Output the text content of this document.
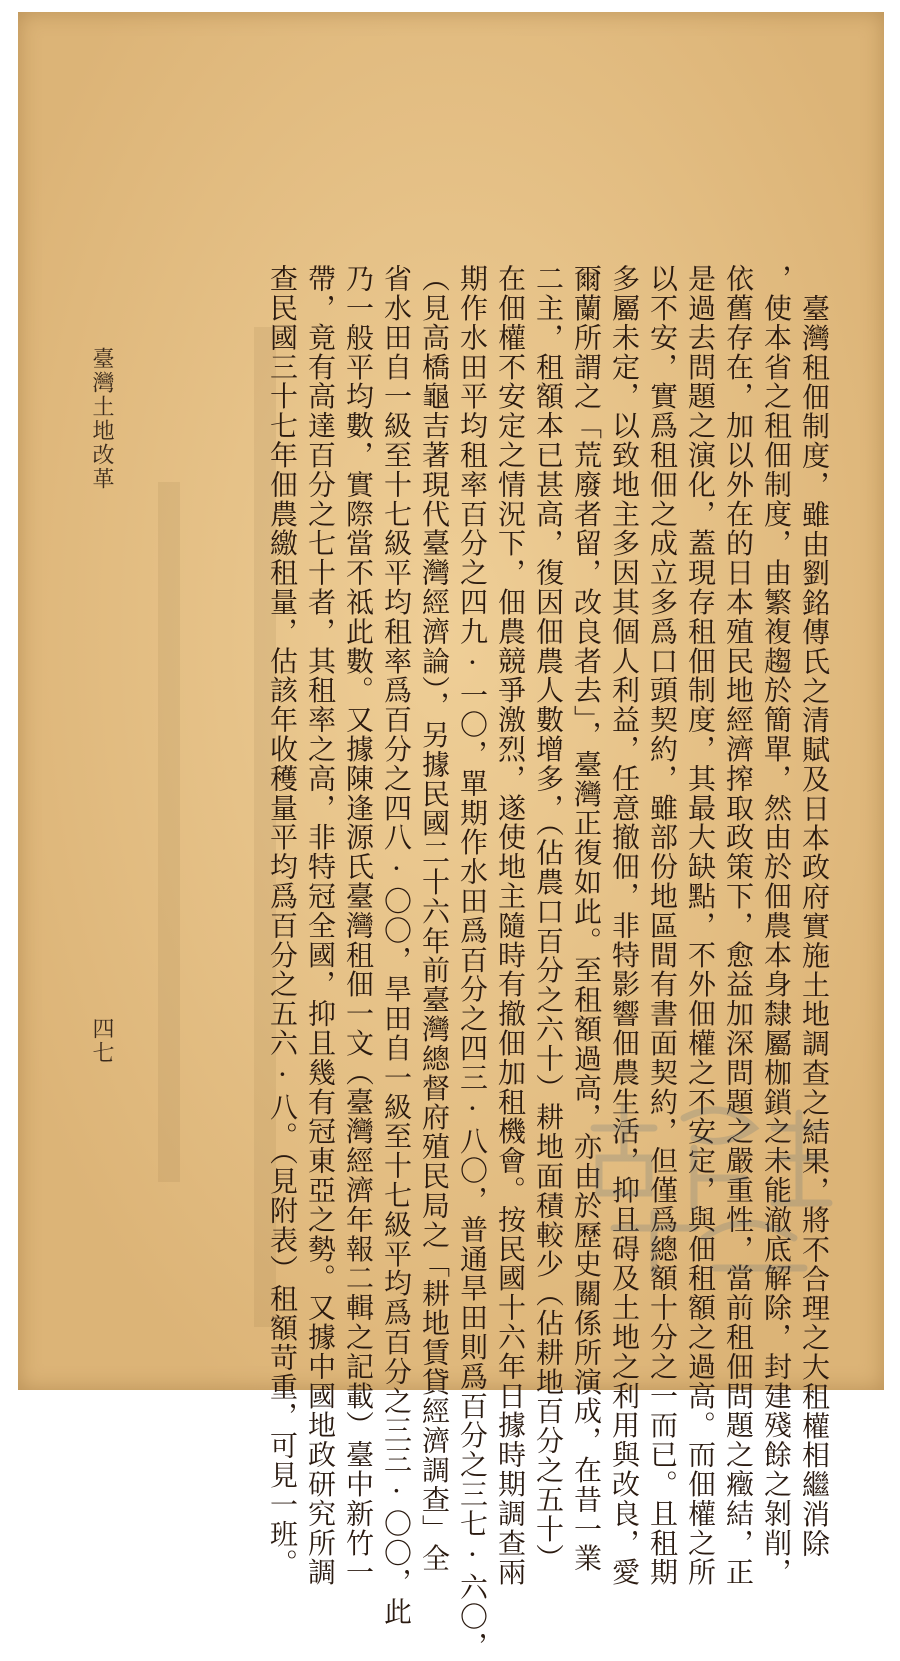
臺灣土地改革
四七	臺灣租佃制度，雖由劉銘傳氏之清賦及日本政府實施土地調查之結果，將不合理之大租權相繼消除
，使本省之租佃制度，由繁複趨於簡單，然由於佃農本身隸屬枷鎖之未能澈底解除，封建殘餘之剝削，
依舊存在，加以外在的日本殖民地經濟搾取政策下，愈益加深問題之嚴重性，當前租佃問題之癥結，正
是過去問題之演化，蓋現存租佃制度，其最大缺點，不外佃權之不安定，與佃租額之過高。而佃權之所
以不安，實爲租佃之成立多爲口頭契約，雖部份地區間有書面契約，但僅爲總額十分之一而已。且租期
多屬未定，以致地主多因其個人利益，任意撤佃，非特影響佃農生活，抑且碍及土地之利用與改良，愛
爾蘭所謂之「荒廢者留，改良者去」，臺灣正復如此。至租額過高，亦由於歷史關係所演成，在昔一業
二主，租額本已甚高，復因佃農人數增多，（佔農口百分之六十）耕地面積較少（佔耕地百分之五十）
在佃權不安定之情況下，佃農競爭激烈，遂使地主隨時有撤佃加租機會。按民國十六年日據時期調查兩
期作水田平均租率百分之四九·一〇，單期作水田爲百分之四三·八〇，普通旱田則爲百分之三七·六〇，
（見高橋龜吉著現代臺灣經濟論），另據民國二十六年前臺灣總督府殖民局之「耕地賃貸經濟調查」全
省水田自一級至十七級平均租率爲百分之四八·〇〇，旱田自一級至十七級平均爲百分之三三·〇〇，此
乃一般平均數，實際當不祗此數。又據陳逢源氏臺灣租佃一文（臺灣經濟年報二輯之記載）臺中新竹一
帶，竟有高達百分之七十者，其租率之高，非特冠全國，抑且幾有冠東亞之勢。又據中國地政研究所調
查民國三十七年佃農繳租量，估該年收穫量平均爲百分之五六·八。（見附表）租額苛重，可見一班。
